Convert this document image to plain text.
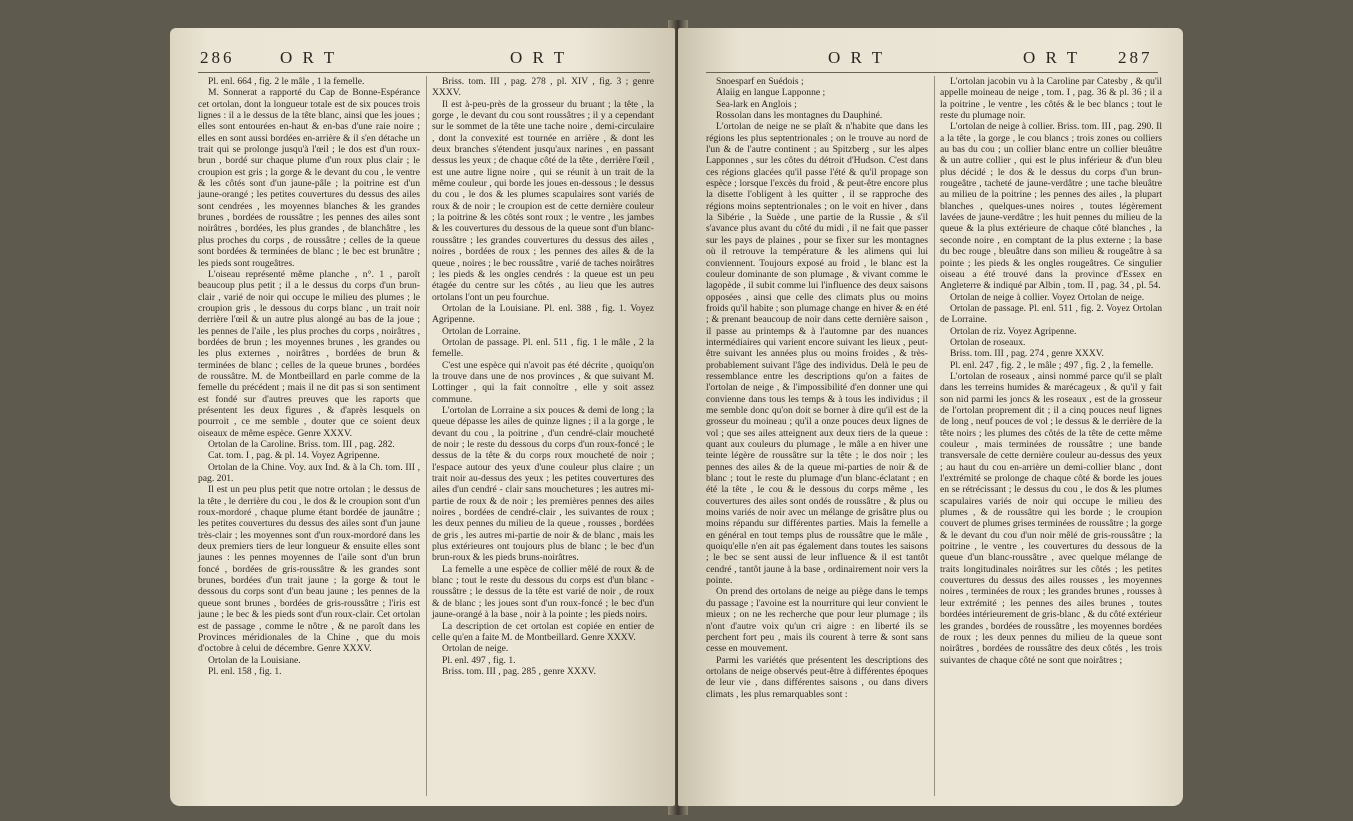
286	O R T	O R T

Pl. enl. 664 , fig. 2 le mâle , 1 la femelle.

M. Sonnerat a rapporté du Cap de Bonne-Espérance cet ortolan, dont la longueur totale est de six pouces trois lignes : il a le dessus de la tête blanc, ainsi que les joues ; elles sont entourées en-haut & en-bas d'une raie noire ; elles en sont aussi bordées en-arrière & il s'en détache un trait qui se prolonge jusqu'à l'œil ; le dos est d'un roux-brun , bordé sur chaque plume d'un roux plus clair ; le croupion est gris ; la gorge & le devant du cou , le ventre & les côtés sont d'un jaune-pâle ; la poitrine est d'un jaune-orangé ; les petites couvertures du dessus des ailes sont cendrées , les moyennes blanches & les grandes brunes , bordées de roussâtre ; les pennes des ailes sont noirâtres , bordées, les plus grandes , de blanchâtre , les plus proches du corps , de roussâtre ; celles de la queue sont bordées & terminées de blanc ; le bec est brunâtre ; les pieds sont rougeâtres.

L'oiseau représenté même planche , n°. 1 , paroît beaucoup plus petit ; il a le dessus du corps d'un brun-clair , varié de noir qui occupe le milieu des plumes ; le croupion gris , le dessous du corps blanc , un trait noir derrière l'œil & un autre plus alongé au bas de la joue ; les pennes de l'aile , les plus proches du corps , noirâtres , bordées de brun ; les moyennes brunes , les grandes ou les plus externes , noirâtres , bordées de brun & terminées de blanc ; celles de la queue brunes , bordées de roussâtre. M. de Montbeillard en parle comme de la femelle du précédent ; mais il ne dit pas si son sentiment est fondé sur d'autres preuves que les raports que présentent les deux figures , & d'après lesquels on pourroit , ce me semble , douter que ce soient deux oiseaux de même espèce. Genre XXXV.

Ortolan de la Caroline. Briss. tom. III , pag. 282.

Cat. tom. I , pag. & pl. 14. Voyez Agripenne.

Ortolan de la Chine. Voy. aux Ind. & à la Ch. tom. III , pag. 201.

Il est un peu plus petit que notre ortolan ; le dessus de la tête , le derrière du cou , le dos & le croupion sont d'un roux-mordoré , chaque plume étant bordée de jaunâtre ; les petites couvertures du dessus des ailes sont d'un jaune très-clair ; les moyennes sont d'un roux-mordoré dans les deux premiers tiers de leur longueur & ensuite elles sont jaunes : les pennes moyennes de l'aile sont d'un brun foncé , bordées de gris-roussâtre & les grandes sont brunes, bordées d'un trait jaune ; la gorge & tout le dessous du corps sont d'un beau jaune ; les pennes de la queue sont brunes , bordées de gris-roussâtre ; l'iris est jaune ; le bec & les pieds sont d'un roux-clair. Cet ortolan est de passage , comme le nôtre , & ne paroît dans les Provinces méridionales de la Chine , que du mois d'octobre à celui de décembre. Genre XXXV.

Ortolan de la Louisiane.

Pl. enl. 158 , fig. 1.

Briss. tom. III , pag. 278 , pl. XIV , fig. 3 ; genre XXXV.

Il est à-peu-près de la grosseur du bruant ; la tête , la gorge , le devant du cou sont roussâtres ; il y a cependant sur le sommet de la tête une tache noire , demi-circulaire , dont la convexité est tournée en arrière , & dont les deux branches s'étendent jusqu'aux narines , en passant dessus les yeux ; de chaque côté de la tête , derrière l'œil , est une autre ligne noire , qui se réunit à un trait de la même couleur , qui borde les joues en-dessous ; le dessus du cou , le dos & les plumes scapulaires sont variés de roux & de noir ; le croupion est de cette dernière couleur ; la poitrine & les côtés sont roux ; le ventre , les jambes & les couvertures du dessous de la queue sont d'un blanc-roussâtre ; les grandes couvertures du dessus des ailes , noires , bordées de roux ; les pennes des ailes & de la queue , noires ; le bec roussâtre , varié de taches noirâtres ; les pieds & les ongles cendrés : la queue est un peu étagée du centre sur les côtés , au lieu que les autres ortolans l'ont un peu fourchue.

Ortolan de la Louisiane. Pl. enl. 388 , fig. 1. Voyez Agripenne.

Ortolan de Lorraine.

Ortolan de passage. Pl. enl. 511 , fig. 1 le mâle , 2 la femelle.

C'est une espèce qui n'avoit pas été décrite , quoiqu'on la trouve dans une de nos provinces , & que suivant M. Lottinger , qui la fait connoître , elle y soit assez commune.

L'ortolan de Lorraine a six pouces & demi de long ; la queue dépasse les ailes de quinze lignes ; il a la gorge , le devant du cou , la poitrine , d'un cendré-clair moucheté de noir ; le reste du dessous du corps d'un roux-foncé ; le dessus de la tête & du corps roux moucheté de noir ; l'espace autour des yeux d'une couleur plus claire ; un trait noir au-dessus des yeux ; les petites couvertures des ailes d'un cendré - clair sans mouchetures ; les autres mi-partie de roux & de noir ; les premières pennes des ailes noires , bordées de cendré-clair , les suivantes de roux ; les deux pennes du milieu de la queue , rousses , bordées de gris , les autres mi-partie de noir & de blanc , mais les plus extérieures ont toujours plus de blanc ; le bec d'un brun-roux & les pieds bruns-noirâtres.

La femelle a une espèce de collier mêlé de roux & de blanc ; tout le reste du dessous du corps est d'un blanc - roussâtre ; le dessus de la tête est varié de noir , de roux & de blanc ; les joues sont d'un roux-foncé ; le bec d'un jaune-orangé à la base , noir à la pointe ; les pieds noirs.

La description de cet ortolan est copiée en entier de celle qu'en a faite M. de Montbeillard. Genre XXXV.

Ortolan de neige.

Pl. enl. 497 , fig. 1.

Briss. tom. III , pag. 285 , genre XXXV.

O R T	O R T 287

Snoesparf en Suédois ;

Alaiig en langue Lapponne ;

Sea-lark en Anglois ;

Rossolan dans les montagnes du Dauphiné.

L'ortolan de neige ne se plaît & n'habite que dans les régions les plus septentrionales ; on le trouve au nord de l'un & de l'autre continent ; au Spitzberg , sur les alpes Lapponnes , sur les côtes du détroit d'Hudson. C'est dans ces régions glacées qu'il passe l'été & qu'il propage son espèce ; lorsque l'excès du froid , & peut-être encore plus la disette l'obligent à les quitter , il se rapproche des régions moins septentrionales ; on le voit en hiver , dans la Sibérie , la Suède , une partie de la Russie , & s'il s'avance plus avant du côté du midi , il ne fait que passer sur les pays de plaines , pour se fixer sur les montagnes où il retrouve la température & les alimens qui lui conviennent. Toujours exposé au froid , le blanc est la couleur dominante de son plumage , & vivant comme le lagopède , il subit comme lui l'influence des deux saisons opposées , ainsi que celle des climats plus ou moins froids qu'il habite ; son plumage change en hiver & en été ; & prenant beaucoup de noir dans cette dernière saison , il passe au printemps & à l'automne par des nuances intermédiaires qui varient encore suivant les lieux , peut-être suivant les années plus ou moins froides , & très-probablement suivant l'âge des individus. Delà le peu de ressemblance entre les descriptions qu'on a faites de l'ortolan de neige , & l'impossibilité d'en donner une qui convienne dans tous les temps & à tous les individus ; il me semble donc qu'on doit se borner à dire qu'il est de la grosseur du moineau ; qu'il a onze pouces deux lignes de vol ; que ses ailes atteignent aux deux tiers de la queue : quant aux couleurs du plumage , le mâle a en hiver une teinte légère de roussâtre sur la tête ; le dos noir ; les pennes des ailes & de la queue mi-parties de noir & de blanc ; tout le reste du plumage d'un blanc-éclatant ; en été la tête , le cou & le dessous du corps même , les couvertures des ailes sont ondés de roussâtre , & plus ou moins variés de noir avec un mélange de grisâtre plus ou moins répandu sur différentes parties. Mais la femelle a en général en tout temps plus de roussâtre que le mâle , quoiqu'elle n'en ait pas également dans toutes les saisons ; le bec se sent aussi de leur influence & il est tantôt cendré , tantôt jaune à la base , ordinairement noir vers la pointe.

On prend des ortolans de neige au piège dans le temps du passage ; l'avoine est la nourriture qui leur convient le mieux ; on ne les recherche que pour leur plumage ; ils n'ont d'autre voix qu'un cri aigre : en liberté ils se perchent fort peu , mais ils courent à terre & sont sans cesse en mouvement.

Parmi les variétés que présentent les descriptions des ortolans de neige observés peut-être à différentes époques de leur vie , dans différentes saisons , ou dans divers climats , les plus remarquables sont :

L'ortolan jacobin vu à la Caroline par Catesby , & qu'il appelle moineau de neige , tom. I , pag. 36 & pl. 36 ; il a la poitrine , le ventre , les côtés & le bec blancs ; tout le reste du plumage noir.

L'ortolan de neige à collier. Briss. tom. III , pag. 290. Il a la tête , la gorge , le cou blancs ; trois zones ou colliers au bas du cou ; un collier blanc entre un collier bleuâtre & un autre collier , qui est le plus inférieur & d'un bleu plus décidé ; le dos & le dessus du corps d'un brun-rougeâtre , tacheté de jaune-verdâtre ; une tache bleuâtre au milieu de la poitrine ; les pennes des ailes , la plupart blanches , quelques-unes noires , toutes légèrement lavées de jaune-verdâtre ; les huit pennes du milieu de la queue & la plus extérieure de chaque côté blanches , la seconde noire , en comptant de la plus externe ; la base du bec rouge , bleuâtre dans son milieu & rougeâtre à sa pointe ; les pieds & les ongles rougeâtres. Ce singulier oiseau a été trouvé dans la province d'Essex en Angleterre & indiqué par Albin , tom. II , pag. 34 , pl. 54.

Ortolan de neige à collier. Voyez Ortolan de neige.

Ortolan de passage. Pl. enl. 511 , fig. 2. Voyez Ortolan de Lorraine.

Ortolan de riz. Voyez Agripenne.

Ortolan de roseaux.

Briss. tom. III , pag. 274 , genre XXXV.

Pl. enl. 247 , fig. 2 , le mâle ; 497 , fig. 2 , la femelle.

L'ortolan de roseaux , ainsi nommé parce qu'il se plaît dans les terreins humides & marécageux , & qu'il y fait son nid parmi les joncs & les roseaux , est de la grosseur de l'ortolan proprement dit ; il a cinq pouces neuf lignes de long , neuf pouces de vol ; le dessus & le derrière de la tête noirs ; les plumes des côtés de la tête de cette même couleur , mais terminées de roussâtre ; une bande transversale de cette dernière couleur au-dessus des yeux ; au haut du cou en-arrière un demi-collier blanc , dont l'extrémité se prolonge de chaque côté & borde les joues en se rétrécissant ; le dessus du cou , le dos & les plumes scapulaires variés de noir qui occupe le milieu des plumes , & de roussâtre qui les borde ; le croupion couvert de plumes grises terminées de roussâtre ; la gorge & le devant du cou d'un noir mêlé de gris-roussâtre ; la poitrine , le ventre , les couvertures du dessous de la queue d'un blanc-roussâtre , avec quelque mélange de traits longitudinales noirâtres sur les côtés ; les petites couvertures du dessus des ailes rousses , les moyennes noires , terminées de roux ; les grandes brunes , rousses à leur extrémité ; les pennes des ailes brunes , toutes bordées intérieurement de gris-blanc , & du côté extérieur les grandes , bordées de roussâtre , les moyennes bordées de roux ; les deux pennes du milieu de la queue sont noirâtres , bordées de roussâtre des deux côtés , les trois suivantes de chaque côté ne sont que noirâtres ;
